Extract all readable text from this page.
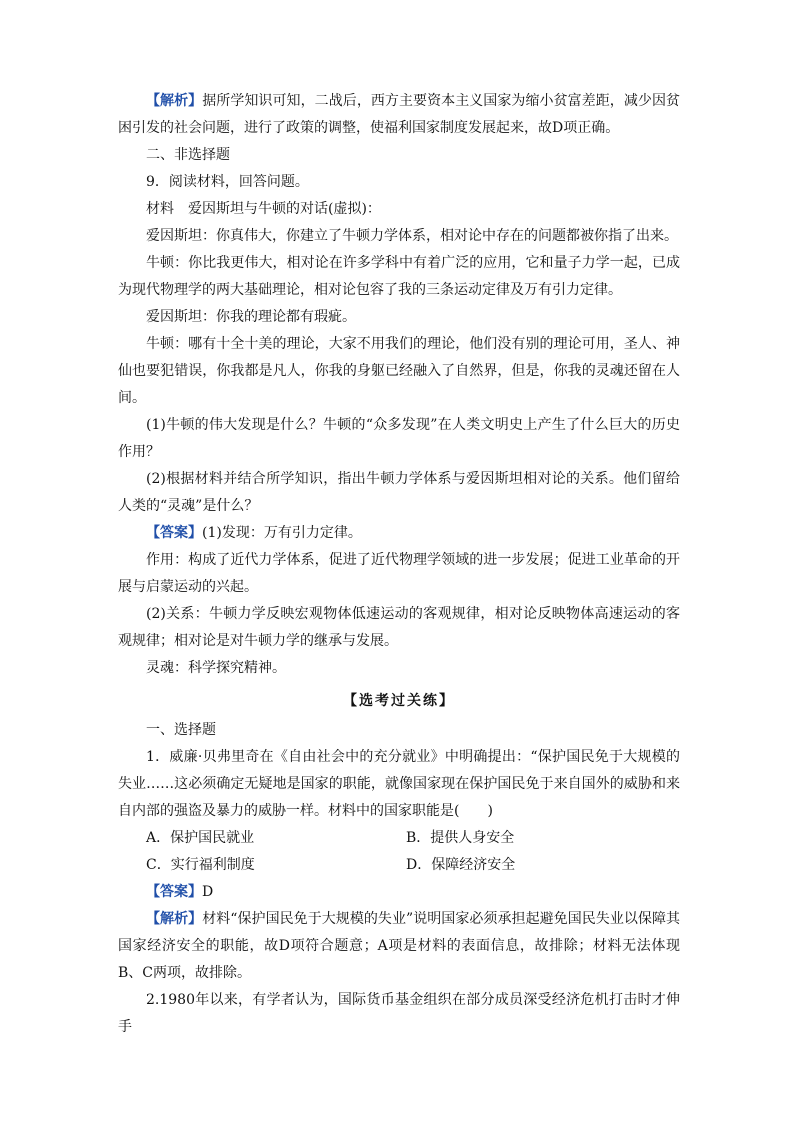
【解析】据所学知识可知，二战后，西方主要资本主义国家为缩小贫富差距，减少因贫困引发的社会问题，进行了政策的调整，使福利国家制度发展起来，故D项正确。

二、非选择题

9．阅读材料，回答问题。

材料　爱因斯坦与牛顿的对话(虚拟)：

爱因斯坦：你真伟大，你建立了牛顿力学体系，相对论中存在的问题都被你指了出来。

牛顿：你比我更伟大，相对论在许多学科中有着广泛的应用，它和量子力学一起，已成为现代物理学的两大基础理论，相对论包容了我的三条运动定律及万有引力定律。

爱因斯坦：你我的理论都有瑕疵。

牛顿：哪有十全十美的理论，大家不用我们的理论，他们没有别的理论可用，圣人、神仙也要犯错误，你我都是凡人，你我的身躯已经融入了自然界，但是，你我的灵魂还留在人间。

(1)牛顿的伟大发现是什么？牛顿的“众多发现”在人类文明史上产生了什么巨大的历史作用？

(2)根据材料并结合所学知识，指出牛顿力学体系与爱因斯坦相对论的关系。他们留给人类的“灵魂”是什么？

【答案】(1)发现：万有引力定律。

作用：构成了近代力学体系，促进了近代物理学领域的进一步发展；促进工业革命的开展与启蒙运动的兴起。

(2)关系：牛顿力学反映宏观物体低速运动的客观规律，相对论反映物体高速运动的客观规律；相对论是对牛顿力学的继承与发展。

灵魂：科学探究精神。

【选考过关练】

一、选择题

1．威廉·贝弗里奇在《自由社会中的充分就业》中明确提出：“保护国民免于大规模的失业……这必须确定无疑地是国家的职能，就像国家现在保护国民免于来自国外的威胁和来自内部的强盗及暴力的威胁一样。材料中的国家职能是(　　)

A．保护国民就业	B．提供人身安全
C．实行福利制度	D．保障经济安全

【答案】D

【解析】材料“保护国民免于大规模的失业”说明国家必须承担起避免国民失业以保障其国家经济安全的职能，故D项符合题意；A项是材料的表面信息，故排除；材料无法体现B、C两项，故排除。

2.1980年以来，有学者认为，国际货币基金组织在部分成员深受经济危机打击时才伸手
